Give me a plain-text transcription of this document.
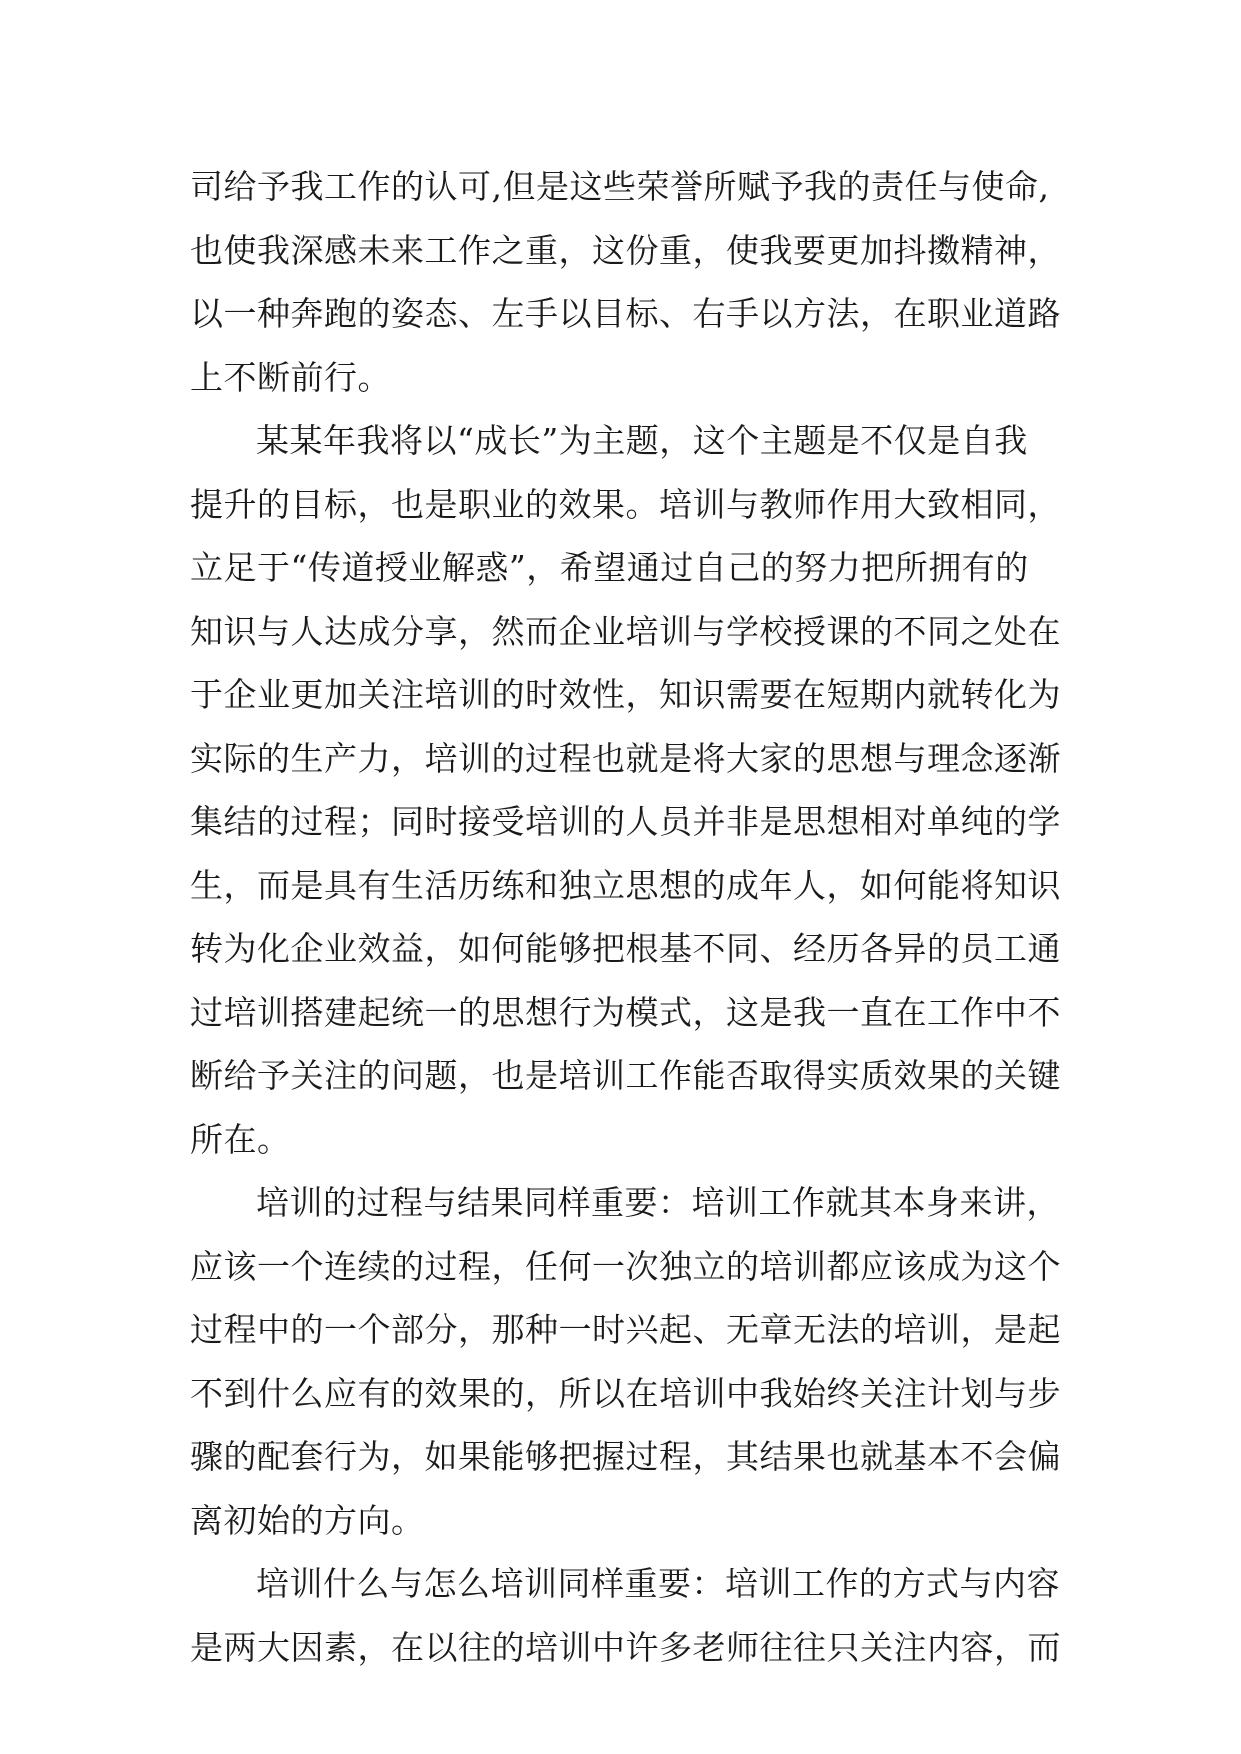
司给予我工作的认可,但是这些荣誉所赋予我的责任与使命,
也使我深感未来工作之重，这份重，使我要更加抖擞精神，
以一种奔跑的姿态、左手以目标、右手以方法，在职业道路
上不断前行。
某某年我将以“成长”为主题，这个主题是不仅是自我
提升的目标，也是职业的效果。培训与教师作用大致相同，
立足于“传道授业解惑”，希望通过自己的努力把所拥有的
知识与人达成分享，然而企业培训与学校授课的不同之处在
于企业更加关注培训的时效性，知识需要在短期内就转化为
实际的生产力，培训的过程也就是将大家的思想与理念逐渐
集结的过程；同时接受培训的人员并非是思想相对单纯的学
生，而是具有生活历练和独立思想的成年人，如何能将知识
转为化企业效益，如何能够把根基不同、经历各异的员工通
过培训搭建起统一的思想行为模式，这是我一直在工作中不
断给予关注的问题，也是培训工作能否取得实质效果的关键
所在。
培训的过程与结果同样重要：培训工作就其本身来讲，
应该一个连续的过程，任何一次独立的培训都应该成为这个
过程中的一个部分，那种一时兴起、无章无法的培训，是起
不到什么应有的效果的，所以在培训中我始终关注计划与步
骤的配套行为，如果能够把握过程，其结果也就基本不会偏
离初始的方向。
培训什么与怎么培训同样重要：培训工作的方式与内容
是两大因素，在以往的培训中许多老师往往只关注内容，而
